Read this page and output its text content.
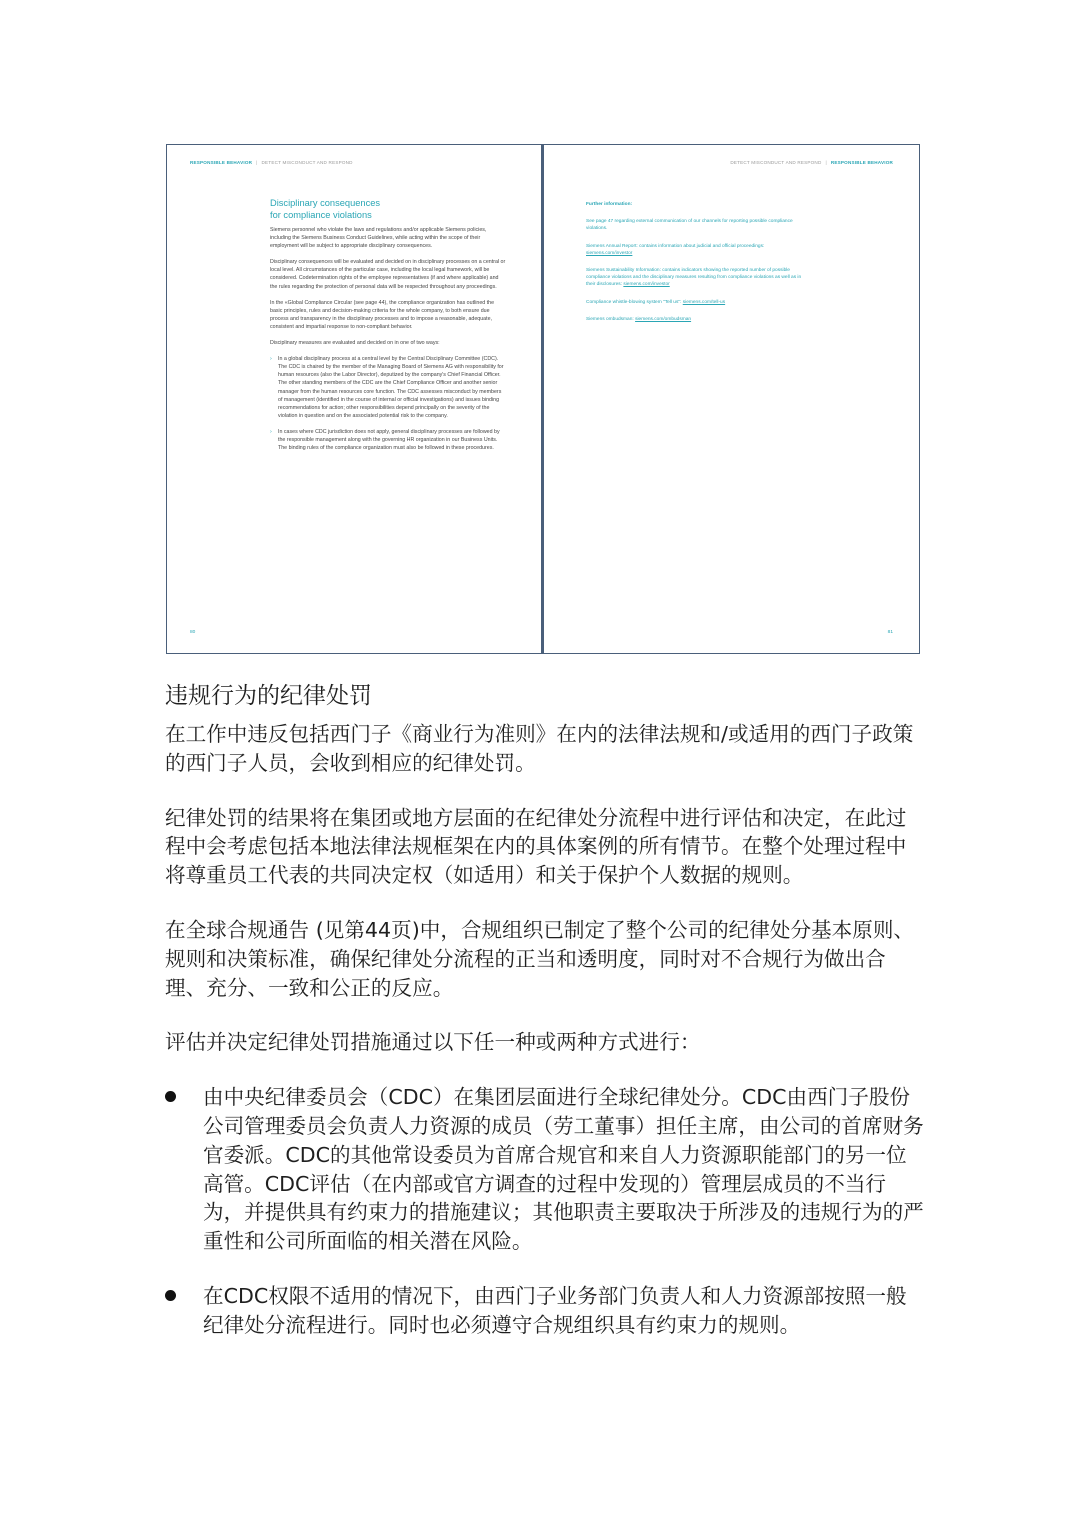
RESPONSIBLE BEHAVIOR | DETECT MISCONDUCT AND RESPOND
Disciplinary consequences
for compliance violations

Siemens personnel who violate the laws and regulations and/or applicable Siemens policies, including the Siemens Business Conduct Guidelines, while acting within the scope of their employment will be subject to appropriate disciplinary consequences.

Disciplinary consequences will be evaluated and decided on in disciplinary processes on a central or local level. All circumstances of the particular case, including the local legal framework, will be considered. Codetermination rights of the employee representatives (if and where applicable) and the rules regarding the protection of personal data will be respected throughout any proceedings.

In the «Global Compliance Circular (see page 44), the compliance organization has outlined the basic principles, rules and decision-making criteria for the whole company, to both ensure due process and transparency in the disciplinary processes and to impose a reasonable, adequate, consistent and impartial response to non-compliant behavior.

Disciplinary measures are evaluated and decided on in one of two ways:

› In a global disciplinary process at a central level by the Central Disciplinary Committee (CDC). The CDC is chaired by the member of the Managing Board of Siemens AG with responsibility for human resources (also the Labor Director), deputized by the company's Chief Financial Officer. The other standing members of the CDC are the Chief Compliance Officer and another senior manager from the human resources core function. The CDC assesses misconduct by members of management (identified in the course of internal or official investigations) and issues binding recommendations for action; other responsibilities depend principally on the severity of the violation in question and on the associated potential risk to the company.
› In cases where CDC jurisdiction does not apply, general disciplinary processes are followed by the responsible management along with the governing HR organization in our Business Units. The binding rules of the compliance organization must also be followed in these procedures.
80
DETECT MISCONDUCT AND RESPOND | RESPONSIBLE BEHAVIOR
Further information:

See page 47 regarding external communication of our channels for reporting possible compliance violations.

Siemens Annual Report: contains information about judicial and official proceedings: siemens.com/investor

Siemens Sustainability Information: contains indicators showing the reported number of possible compliance violations and the disciplinary measures resulting from compliance violations as well as in their disclosures: siemens.com/investor

Compliance whistle-blowing system "Tell us": siemens.com/tell-us

Siemens ombudsman: siemens.com/ombudsman

81
违规行为的纪律处罚

在工作中违反包括西门子《商业行为准则》在内的法律法规和/或适用的西门子政策的西门子人员，会收到相应的纪律处罚。

纪律处罚的结果将在集团或地方层面的在纪律处分流程中进行评估和决定，在此过程中会考虑包括本地法律法规框架在内的具体案例的所有情节。在整个处理过程中将尊重员工代表的共同决定权（如适用）和关于保护个人数据的规则。

在全球合规通告 (见第44页)中，合规组织已制定了整个公司的纪律处分基本原则、规则和决策标准，确保纪律处分流程的正当和透明度，同时对不合规行为做出合理、充分、一致和公正的反应。

评估并决定纪律处罚措施通过以下任一种或两种方式进行：

由中央纪律委员会（CDC）在集团层面进行全球纪律处分。CDC由西门子股份公司管理委员会负责人力资源的成员（劳工董事）担任主席，由公司的首席财务官委派。CDC的其他常设委员为首席合规官和来自人力资源职能部门的另一位高管。CDC评估（在内部或官方调查的过程中发现的）管理层成员的不当行为，并提供具有约束力的措施建议；其他职责主要取决于所涉及的违规行为的严重性和公司所面临的相关潜在风险。
在CDC权限不适用的情况下，由西门子业务部门负责人和人力资源部按照一般纪律处分流程进行。同时也必须遵守合规组织具有约束力的规则。
